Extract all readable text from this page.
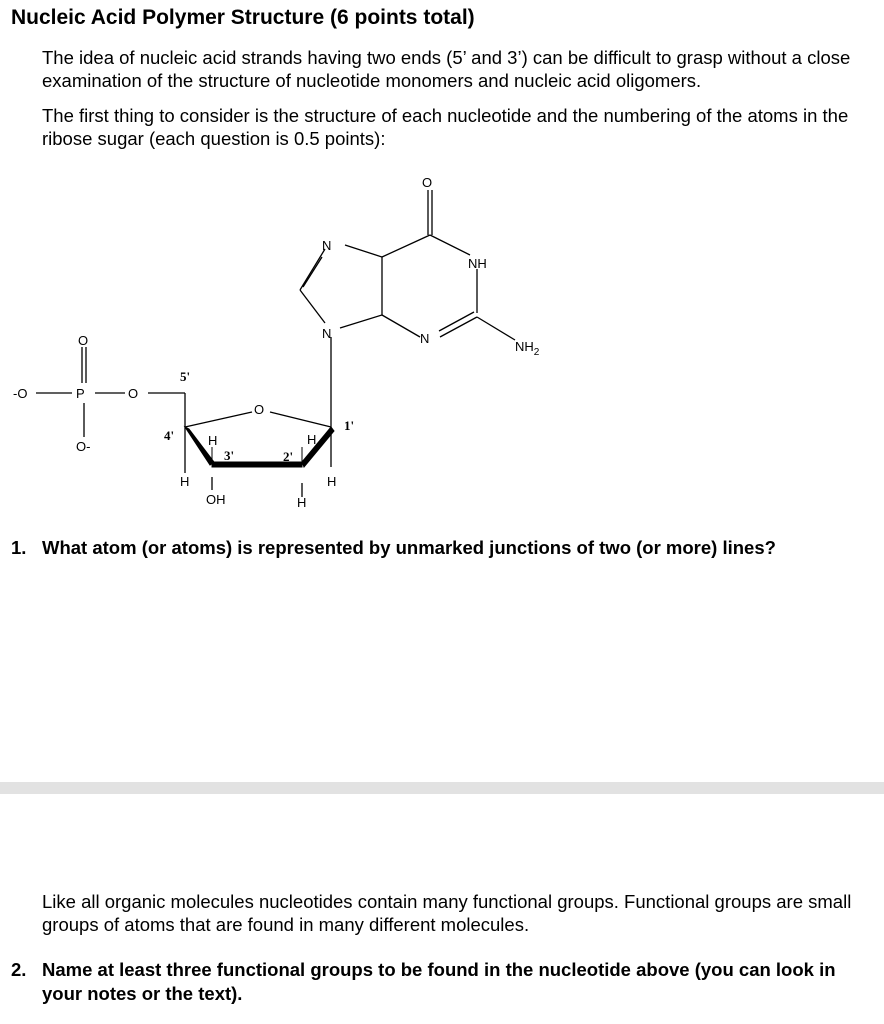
Nucleic Acid Polymer Structure (6 points total)
The idea of nucleic acid strands having two ends (5’ and 3’) can be difficult to grasp without a close examination of the structure of nucleotide monomers and nucleic acid oligomers.
The first thing to consider is the structure of each nucleotide and the numbering of the atoms in the ribose sugar (each question is 0.5 points):
O
N
NH
N	N
$NH_2$
O
-O	P	O
O-
O
H	H
H	H
OH	H
5'
4'
3'	2'
1'
1. What atom (or atoms) is represented by unmarked junctions of two (or more) lines?
Like all organic molecules nucleotides contain many functional groups. Functional groups are small groups of atoms that are found in many different molecules.
2. Name at least three functional groups to be found in the nucleotide above (you can look in your notes or the text).
